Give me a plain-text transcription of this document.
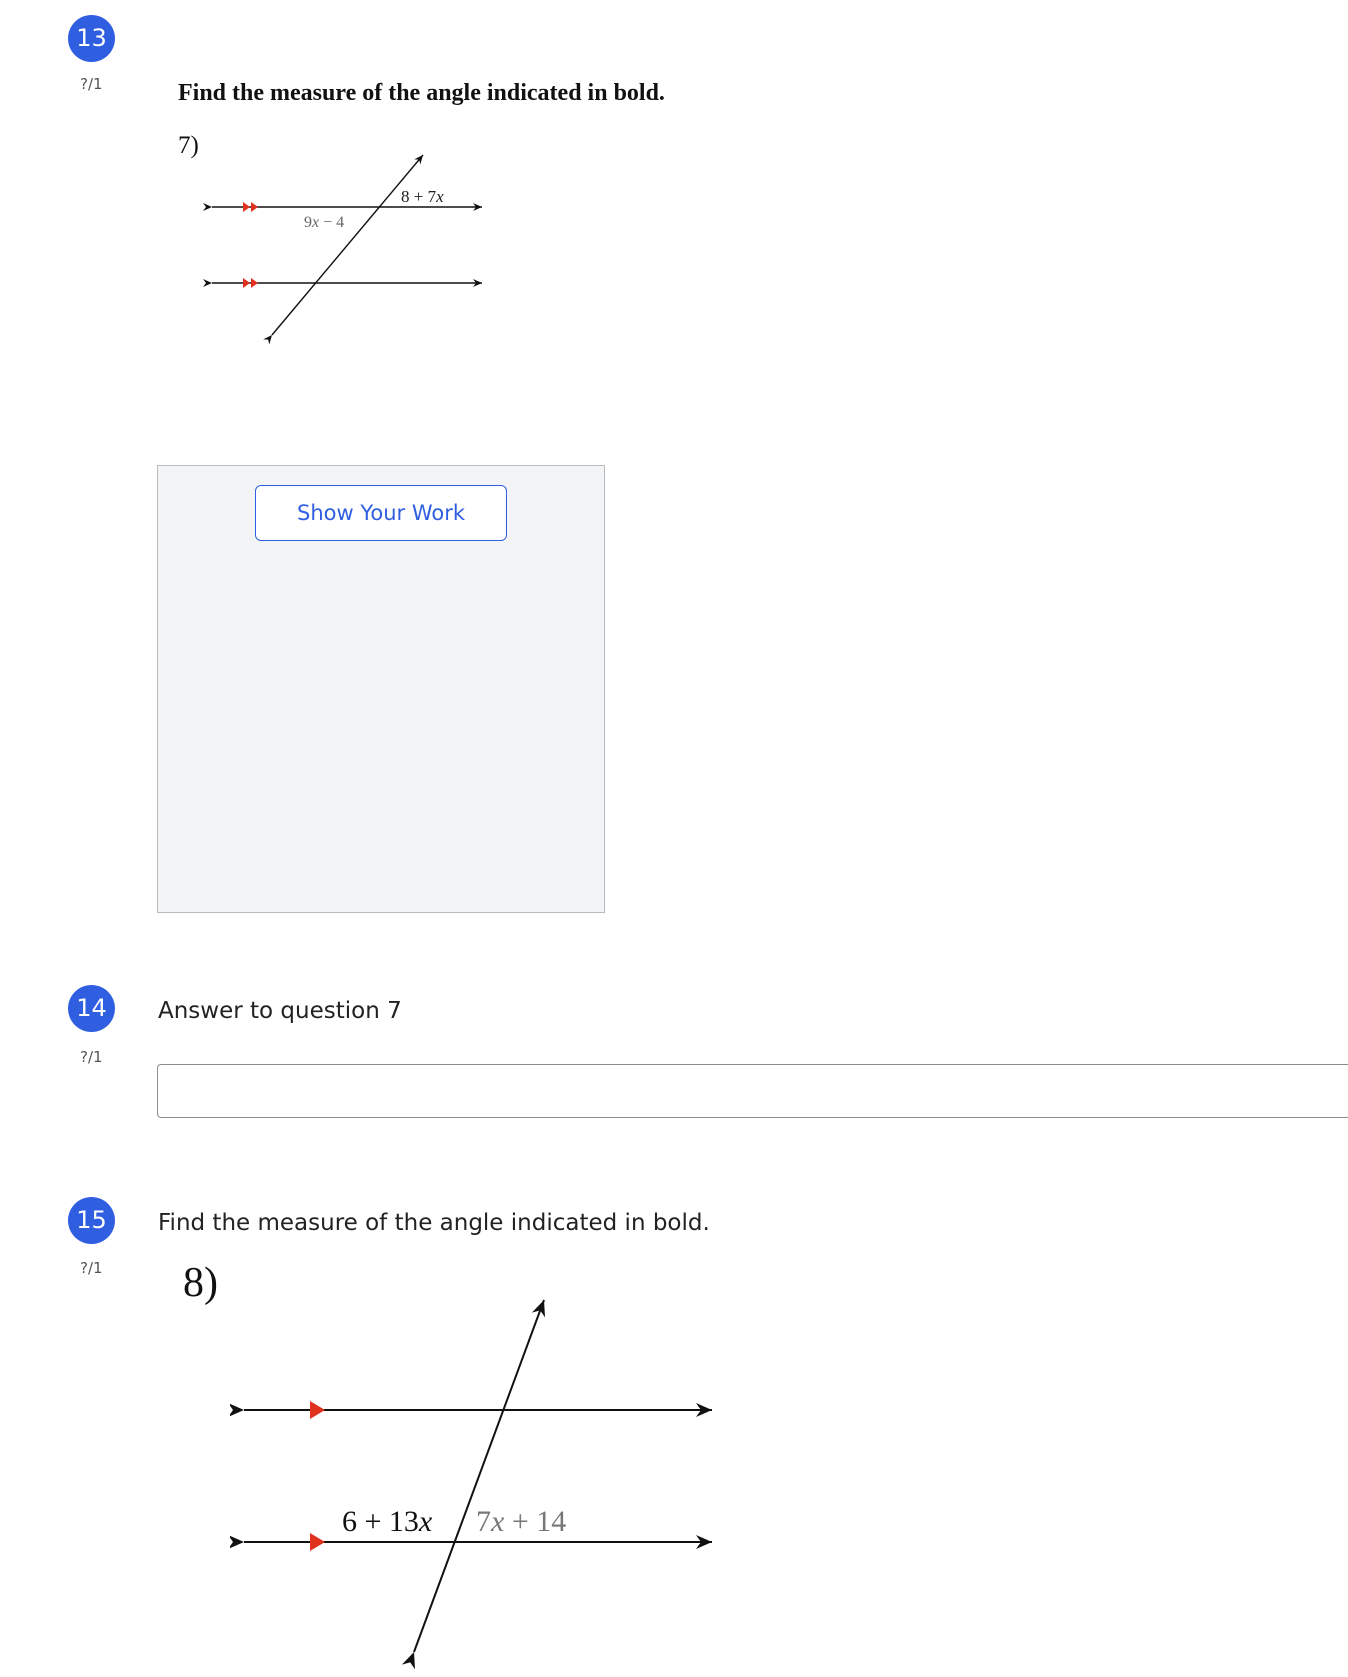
13
?/1	Find the measure of the angle indicated in bold.
7)
8 + 7x
9x − 4
Show Your Work
14
?/1
Answer to question 7
15
?/1
Find the measure of the angle indicated in bold.
8)
6 + 13x 7x + 14
